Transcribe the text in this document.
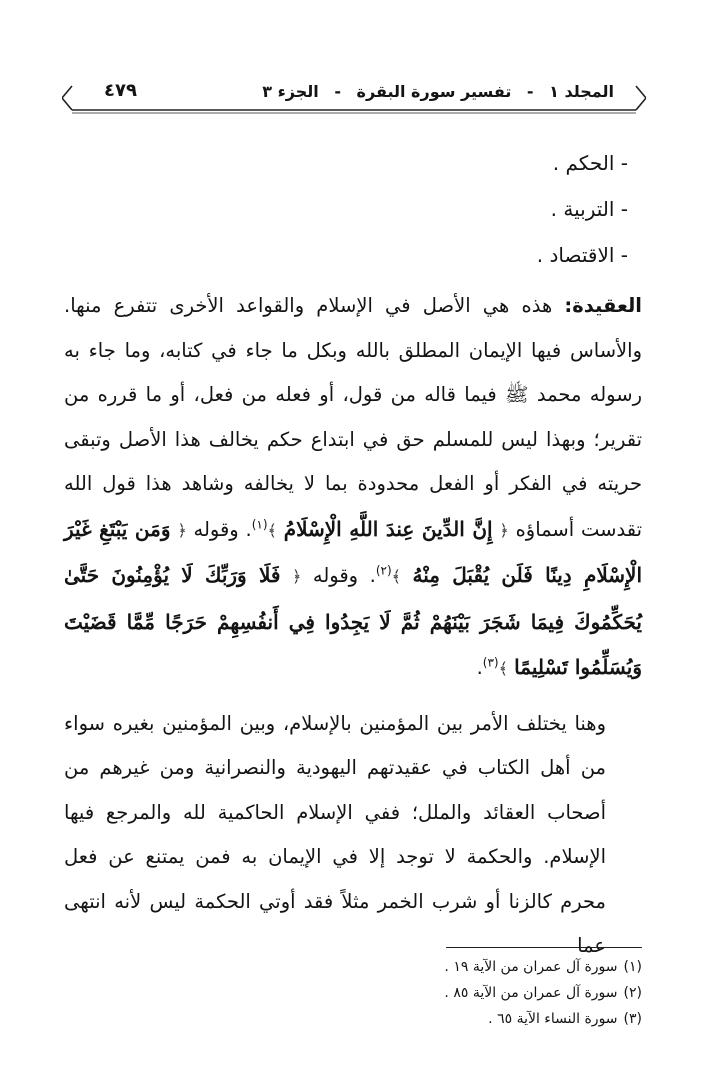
المجلد ١ - تفسير سورة البقرة - الجزء ٣
٤٧٩
- الحكم .
- التربية .
- الاقتصاد .

العقيدة: هذه هي الأصل في الإسلام والقواعد الأخرى تتفرع منها. والأساس فيها الإيمان المطلق بالله وبكل ما جاء في كتابه، وما جاء به رسوله محمد ﷺ فيما قاله من قول، أو فعله من فعل، أو ما قرره من تقرير؛ وبهذا ليس للمسلم حق في ابتداع حكم يخالف هذا الأصل وتبقى حريته في الفكر أو الفعل محدودة بما لا يخالفه وشاهد هذا قول الله تقدست أسماؤه ﴿ إِنَّ الدِّينَ عِندَ اللَّهِ الْإِسْلَامُ ﴾$^{(١)}$. وقوله ﴿ وَمَن يَبْتَغِ غَيْرَ الْإِسْلَامِ دِينًا فَلَن يُقْبَلَ مِنْهُ ﴾$^{(٢)}$. وقوله ﴿ فَلَا وَرَبِّكَ لَا يُؤْمِنُونَ حَتَّىٰ يُحَكِّمُوكَ فِيمَا شَجَرَ بَيْنَهُمْ ثُمَّ لَا يَجِدُوا فِي أَنفُسِهِمْ حَرَجًا مِّمَّا قَضَيْتَ وَيُسَلِّمُوا تَسْلِيمًا ﴾$^{(٣)}$.

وهنا يختلف الأمر بين المؤمنين بالإسلام، وبين المؤمنين بغيره سواء من أهل الكتاب في عقيدتهم اليهودية والنصرانية ومن غيرهم من أصحاب العقائد والملل؛ ففي الإسلام الحاكمية لله والمرجع فيها الإسلام. والحكمة لا توجد إلا في الإيمان به فمن يمتنع عن فعل محرم كالزنا أو شرب الخمر مثلاً فقد أوتي الحكمة ليس لأنه انتهى عما

(١)سورة آل عمران من الآية ١٩ .
(٢)سورة آل عمران من الآية ٨٥ .
(٣)سورة النساء الآية ٦٥ .
